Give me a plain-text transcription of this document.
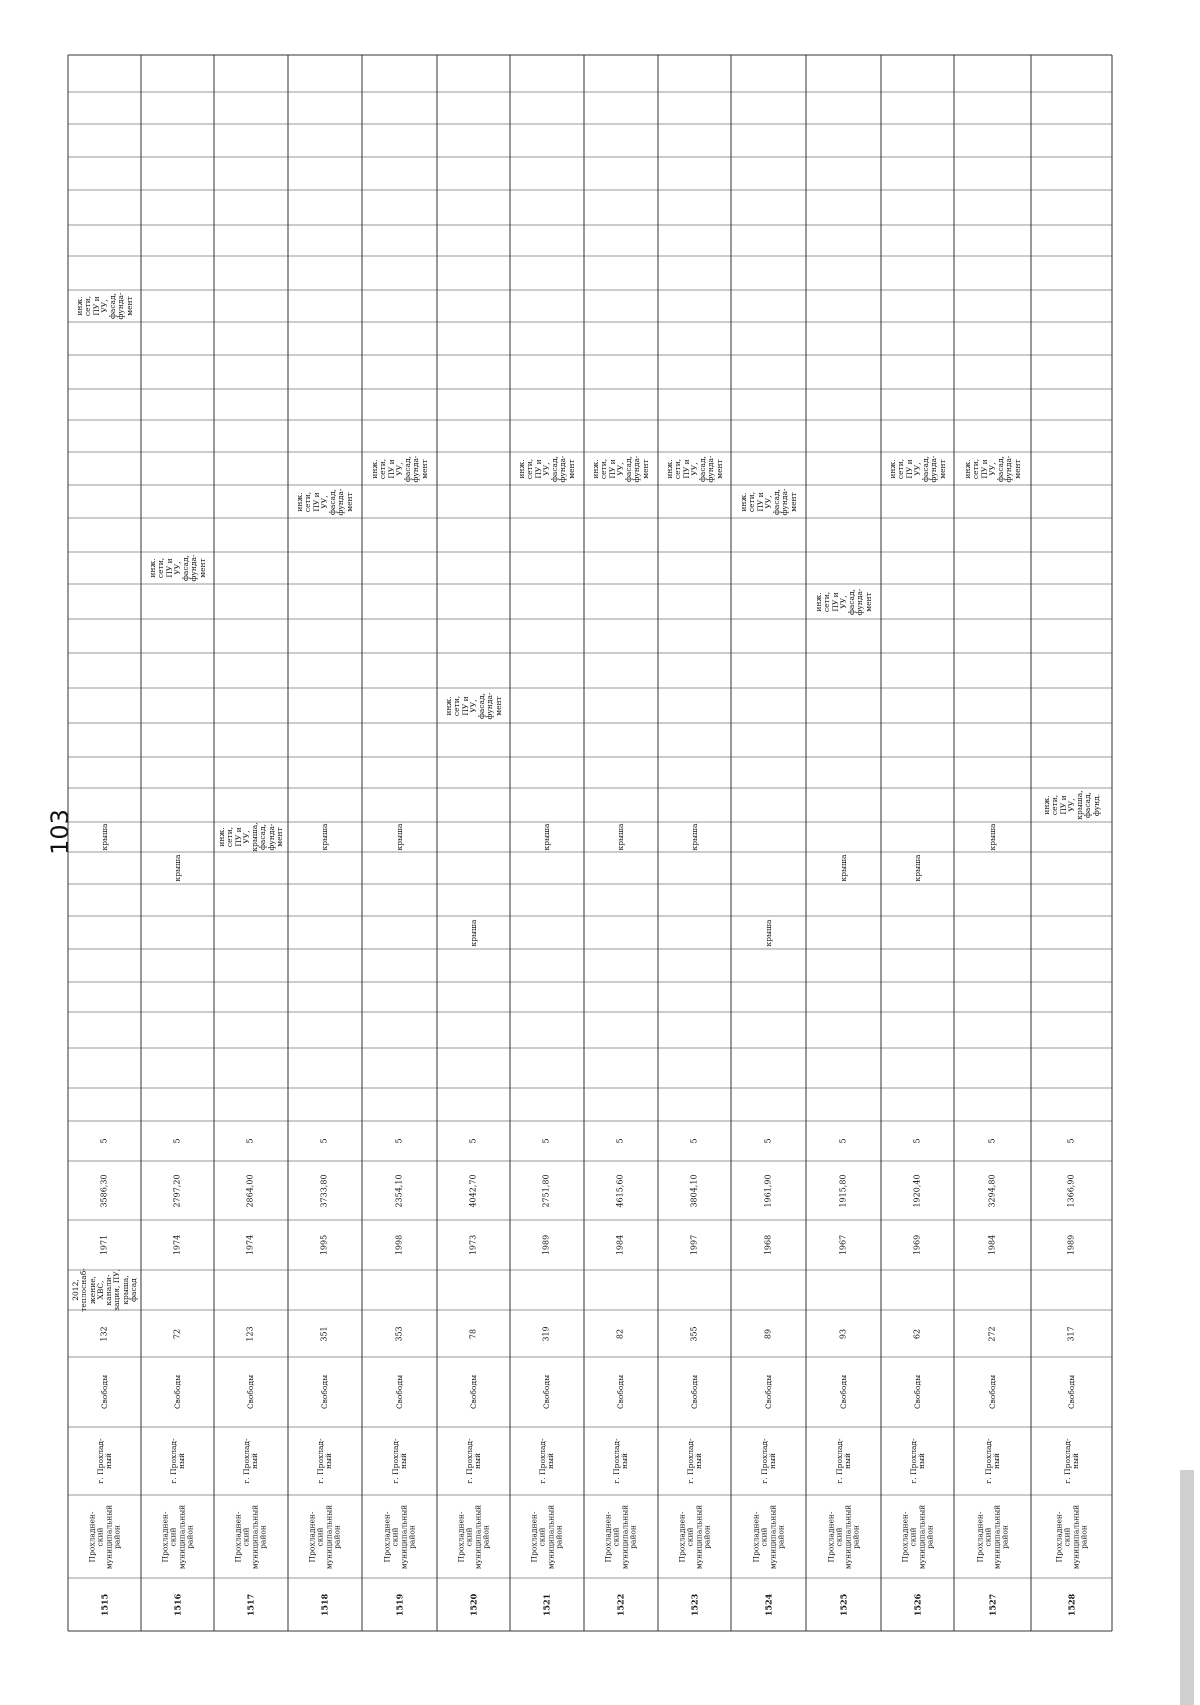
103
1515
Прохладнен-
ский
муниципальный
район
г. Прохлад-
ный
Свободы
132
2012,
теплоснаб-
жение,
ХВС,
канали-
зация, ПУ,
крыша,
фасад
1971
3586,30
5
крыша
инж.
сети,
ПУ и
УУ,
фасад,
фунда-
мент
1516
Прохладнен-
ский
муниципальный
район
г. Прохлад-
ный
Свободы
72
1974
2797,20
5
крыша
инж.
сети,
ПУ и
УУ,
фасад,
фунда-
мент
1517
Прохладнен-
ский
муниципальный
район
г. Прохлад-
ный
Свободы
123
1974
2864,00
5
инж.
сети,
ПУ и
УУ,
крыша,
фасад,
фунда-
мент
1518
Прохладнен-
ский
муниципальный
район
г. Прохлад-
ный
Свободы
351
1995
3733,80
5
крыша
инж.
сети,
ПУ и
УУ,
фасад,
фунда-
мент
1519
Прохладнен-
ский
муниципальный
район
г. Прохлад-
ный
Свободы
353
1998
2354,10
5
крыша
инж.
сети,
ПУ и
УУ,
фасад,
фунда-
мент
1520
Прохладнен-
ский
муниципальный
район
г. Прохлад-
ный
Свободы
78
1973
4042,70
5
крыша
инж.
сети,
ПУ и
УУ,
фасад,
фунда-
мент
1521
Прохладнен-
ский
муниципальный
район
г. Прохлад-
ный
Свободы
319
1989
2751,80
5
крыша
инж.
сети,
ПУ и
УУ,
фасад,
фунда-
мент
1522
Прохладнен-
ский
муниципальный
район
г. Прохлад-
ный
Свободы
82
1984
4615,60
5
крыша
инж.
сети,
ПУ и
УУ,
фасад,
фунда-
мент
1523
Прохладнен-
ский
муниципальный
район
г. Прохлад-
ный
Свободы
355
1997
3804,10
5
крыша
инж.
сети,
ПУ и
УУ,
фасад,
фунда-
мент
1524
Прохладнен-
ский
муниципальный
район
г. Прохлад-
ный
Свободы
89
1968
1961,90
5
крыша
инж.
сети,
ПУ и
УУ,
фасад,
фунда-
мент
1525
Прохладнен-
ский
муниципальный
район
г. Прохлад-
ный
Свободы
93
1967
1915,80
5
крыша
инж.
сети,
ПУ и
УУ,
фасад,
фунда-
мент
1526
Прохладнен-
ский
муниципальный
район
г. Прохлад-
ный
Свободы
62
1969
1920,40
5
крыша
инж.
сети,
ПУ и
УУ,
фасад,
фунда-
мент
1527
Прохладнен-
ский
муниципальный
район
г. Прохлад-
ный
Свободы
272
1984
3294,80
5
крыша
инж.
сети,
ПУ и
УУ,
фасад,
фунда-
мент
1528
Прохладнен-
ский
муниципальный
район
г. Прохлад-
ный
Свободы
317
1989
1366,90
5
инж.
сети,
ПУ и
УУ,
крыша,
фасад,
фунд.
